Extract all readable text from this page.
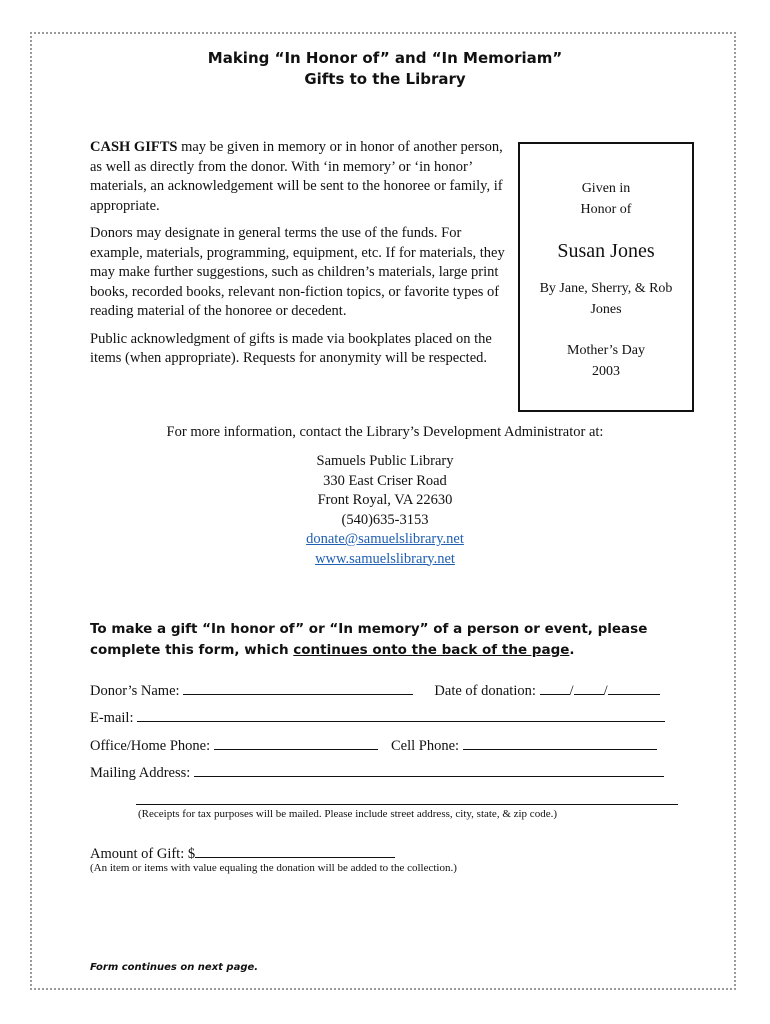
Making “In Honor of” and “In Memoriam”
Gifts to the Library

CASH GIFTS may be given in memory or in honor of another person, as well as directly from the donor. With ‘in memory’ or ‘in honor’ materials, an acknowledgement will be sent to the honoree or family, if appropriate.

Donors may designate in general terms the use of the funds. For example, materials, programming, equipment, etc. If for materials, they may make further suggestions, such as children’s materials, large print books, recorded books, relevant non-fiction topics, or favorite types of reading material of the honoree or decedent.

Public acknowledgment of gifts is made via bookplates placed on the items (when appropriate). Requests for anonymity will be respected.

Given in
Honor of
Susan Jones
By Jane, Sherry, & Rob
Jones
Mother’s Day
2003
For more information, contact the Library’s Development Administrator at:
Samuels Public Library
330 East Criser Road
Front Royal, VA 22630
(540)635-3153
donate@samuelslibrary.net
www.samuelslibrary.net
To make a gift “In honor of” or “In memory” of a person or event, please complete this form, which continues onto the back of the page.
Donor’s Name:	Date of donation: / /
E-mail:
Office/Home Phone:	Cell Phone:
Mailing Address:
(Receipts for tax purposes will be mailed. Please include street address, city, state, & zip code.)
Amount of Gift: $
(An item or items with value equaling the donation will be added to the collection.)
Form continues on next page.
